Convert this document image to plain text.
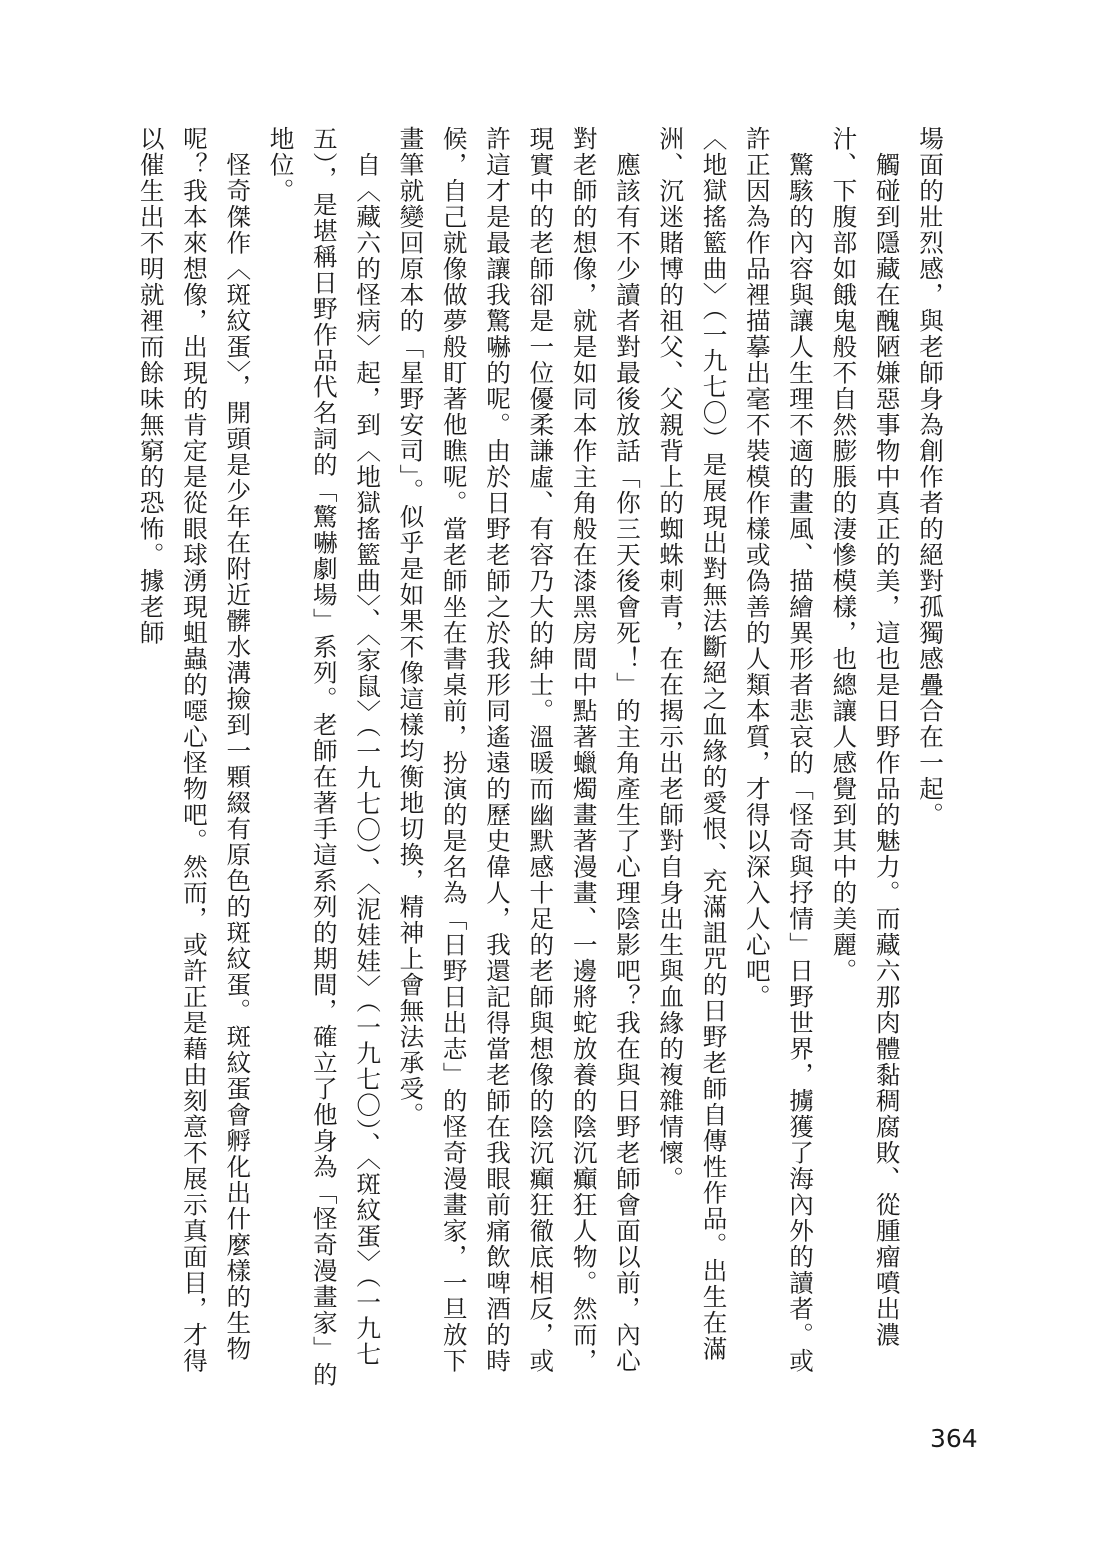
場面的壯烈感，與老師身為創作者的絕對孤獨感疊合在一起。

　觸碰到隱藏在醜陋嫌惡事物中真正的美，這也是日野作品的魅力。而藏六那肉體黏稠腐敗、從腫瘤噴出濃汁、下腹部如餓鬼般不自然膨脹的淒慘模樣，也總讓人感覺到其中的美麗。

　驚駭的內容與讓人生理不適的畫風、描繪異形者悲哀的「怪奇與抒情」日野世界，擄獲了海內外的讀者。或許正因為作品裡描摹出毫不裝模作樣或偽善的人類本質，才得以深入人心吧。

〈地獄搖籃曲〉（一九七〇）是展現出對無法斷絕之血緣的愛恨、充滿詛咒的日野老師自傳性作品。出生在滿洲、沉迷賭博的祖父、父親背上的蜘蛛刺青，在在揭示出老師對自身出生與血緣的複雜情懷。

　應該有不少讀者對最後放話「你三天後會死！」的主角產生了心理陰影吧？我在與日野老師會面以前，內心對老師的想像，就是如同本作主角般在漆黑房間中點著蠟燭畫著漫畫、一邊將蛇放養的陰沉癲狂人物。然而，現實中的老師卻是一位優柔謙虛、有容乃大的紳士。溫暖而幽默感十足的老師與想像的陰沉癲狂徹底相反，或許這才是最讓我驚嚇的呢。由於日野老師之於我形同遙遠的歷史偉人，我還記得當老師在我眼前痛飲啤酒的時候，自己就像做夢般盯著他瞧呢。當老師坐在書桌前，扮演的是名為「日野日出志」的怪奇漫畫家，一旦放下畫筆就變回原本的「星野安司」。似乎是如果不像這樣均衡地切換，精神上會無法承受。

　自〈藏六的怪病〉起，到〈地獄搖籃曲〉、〈家鼠〉（一九七〇）、〈泥娃娃〉（一九七〇）、〈斑紋蛋〉（一九七五），是堪稱日野作品代名詞的「驚嚇劇場」系列。老師在著手這系列的期間，確立了他身為「怪奇漫畫家」的地位。

　怪奇傑作〈斑紋蛋〉，開頭是少年在附近髒水溝撿到一顆綴有原色的斑紋蛋。斑紋蛋會孵化出什麼樣的生物呢？我本來想像，出現的肯定是從眼球湧現蛆蟲的噁心怪物吧。然而，或許正是藉由刻意不展示真面目，才得以催生出不明就裡而餘味無窮的恐怖。據老師

364
